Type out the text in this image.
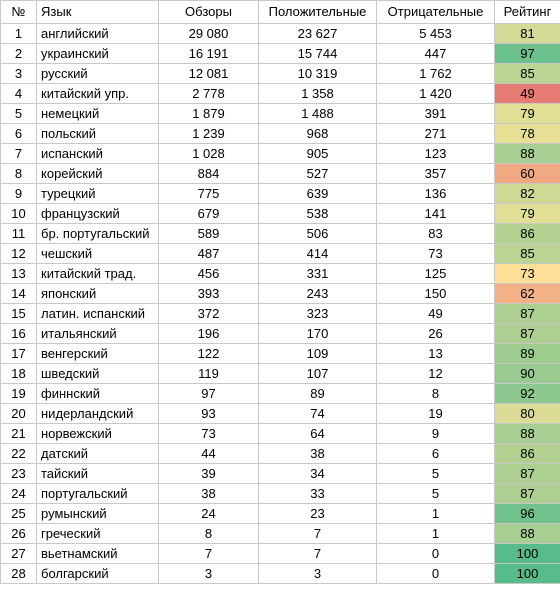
№	Язык	Обзоры	Положительные	Отрицательные	Рейтинг
1	английский	29 080	23 627	5 453	81
2	украинский	16 191	15 744	447	97
3	русский	12 081	10 319	1 762	85
4	китайский упр.	2 778	1 358	1 420	49
5	немецкий	1 879	1 488	391	79
6	польский	1 239	968	271	78
7	испанский	1 028	905	123	88
8	корейский	884	527	357	60
9	турецкий	775	639	136	82
10	французский	679	538	141	79
11	бр. португальский	589	506	83	86
12	чешский	487	414	73	85
13	китайский трад.	456	331	125	73
14	японский	393	243	150	62
15	латин. испанский	372	323	49	87
16	итальянский	196	170	26	87
17	венгерский	122	109	13	89
18	шведский	119	107	12	90
19	финнский	97	89	8	92
20	нидерландский	93	74	19	80
21	норвежский	73	64	9	88
22	датский	44	38	6	86
23	тайский	39	34	5	87
24	португальский	38	33	5	87
25	румынский	24	23	1	96
26	греческий	8	7	1	88
27	вьетнамский	7	7	0	100
28	болгарский	3	3	0	100
